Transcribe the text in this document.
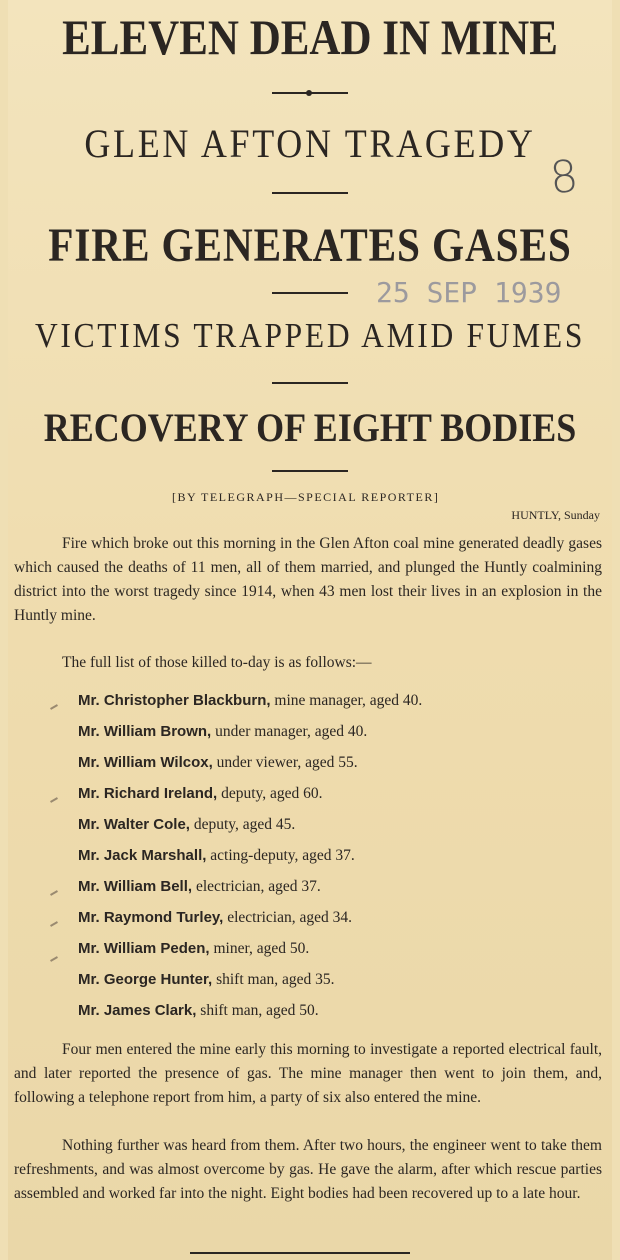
ELEVEN DEAD IN MINE
GLEN AFTON TRAGEDY
FIRE GENERATES GASES
VICTIMS TRAPPED AMID FUMES
RECOVERY OF EIGHT BODIES
25 SEP 1939
8
[BY TELEGRAPH—SPECIAL REPORTER]
HUNTLY, Sunday

Fire which broke out this morning in the Glen Afton coal mine generated deadly gases which caused the deaths of 11 men, all of them married, and plunged the Huntly coalmining district into the worst tragedy since 1914, when 43 men lost their lives in an explosion in the Huntly mine.

The full list of those killed to-day is as follows:—
Mr. Christopher Blackburn, mine manager, aged 40.
Mr. William Brown, under manager, aged 40.
Mr. William Wilcox, under viewer, aged 55.
Mr. Richard Ireland, deputy, aged 60.
Mr. Walter Cole, deputy, aged 45.
Mr. Jack Marshall, acting-deputy, aged 37.
Mr. William Bell, electrician, aged 37.
Mr. Raymond Turley, electrician, aged 34.
Mr. William Peden, miner, aged 50.
Mr. George Hunter, shift man, aged 35.
Mr. James Clark, shift man, aged 50.

Four men entered the mine early this morning to investigate a reported electrical fault, and later reported the presence of gas. The mine manager then went to join them, and, following a telephone report from him, a party of six also entered the mine.

Nothing further was heard from them. After two hours, the engineer went to take them refreshments, and was almost overcome by gas. He gave the alarm, after which rescue parties assembled and worked far into the night. Eight bodies had been recovered up to a late hour.
